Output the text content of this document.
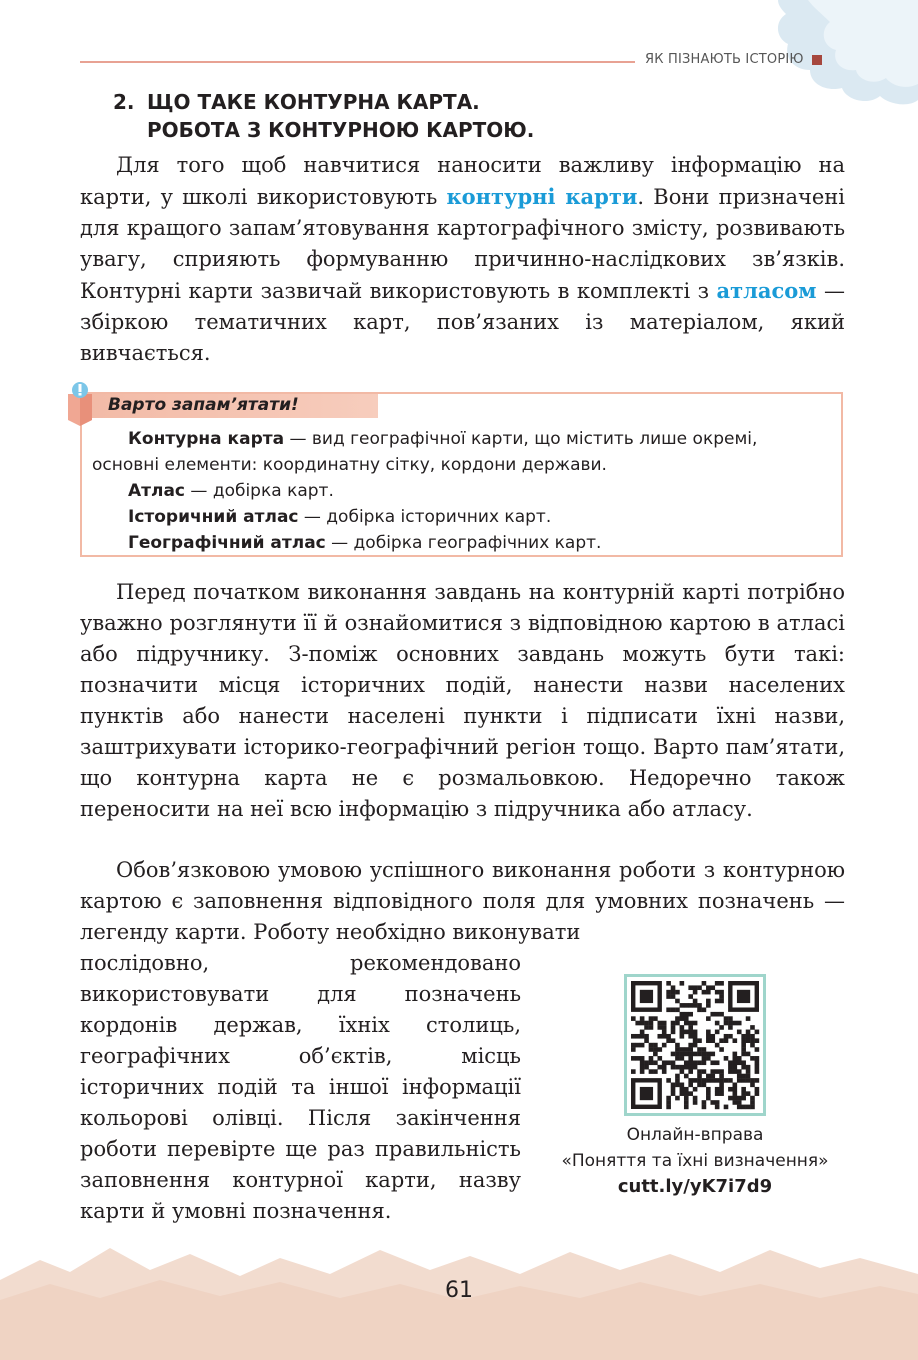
ЯК ПІЗНАЮТЬ ІСТОРІЮ
2. ЩО ТАКЕ КОНТУРНА КАРТА.
РОБОТА З КОНТУРНОЮ КАРТОЮ.

Для того щоб навчитися наносити важливу інформацію на карти, у школі використовують контурні карти. Вони призначені для кращого запам’ятовування картографічного змісту, розвивають увагу, сприяють формуванню причинно-наслідкових зв’язків. Контурні карти зазвичай використовують в комплекті з атласом — збіркою тематичних карт, пов’язаних із матеріалом, який вивчається.

Варто запам’ятати!
Контурна карта — вид географічної карти, що містить лише окремі,
основні елементи: координатну сітку, кордони держави.
Атлас — добірка карт.
Історичний атлас — добірка історичних карт.
Географічний атлас — добірка географічних карт.

Перед початком виконання завдань на контурній карті потрібно уважно розглянути її й ознайомитися з відповідною картою в атласі або підручнику. З-поміж основних завдань можуть бути такі: позначити місця історичних подій, нанести назви населених пунктів або нанести населені пункти і підписати їхні назви, заштрихувати історико-географічний регіон тощо. Варто пам’ятати, що контурна карта не є розмальовкою. Недоречно також переносити на неї всю інформацію з підручника або атласу.

Обов’язковою умовою успішного виконання роботи з контурною картою є заповнення відповідного поля для умовних позначень — легенду карти. Роботу необхідно виконувати

послідовно, рекомендовано використовувати для позначень кордонів держав, їхніх столиць, географічних об’єктів, місць історичних подій та іншої інформації кольорові олівці. Після закінчення роботи перевірте ще раз правильність заповнення контурної карти, назву карти й умовні позначення.

Онлайн-вправа
«Поняття та їхні визначення»
cutt.ly/yK7i7d9
61
